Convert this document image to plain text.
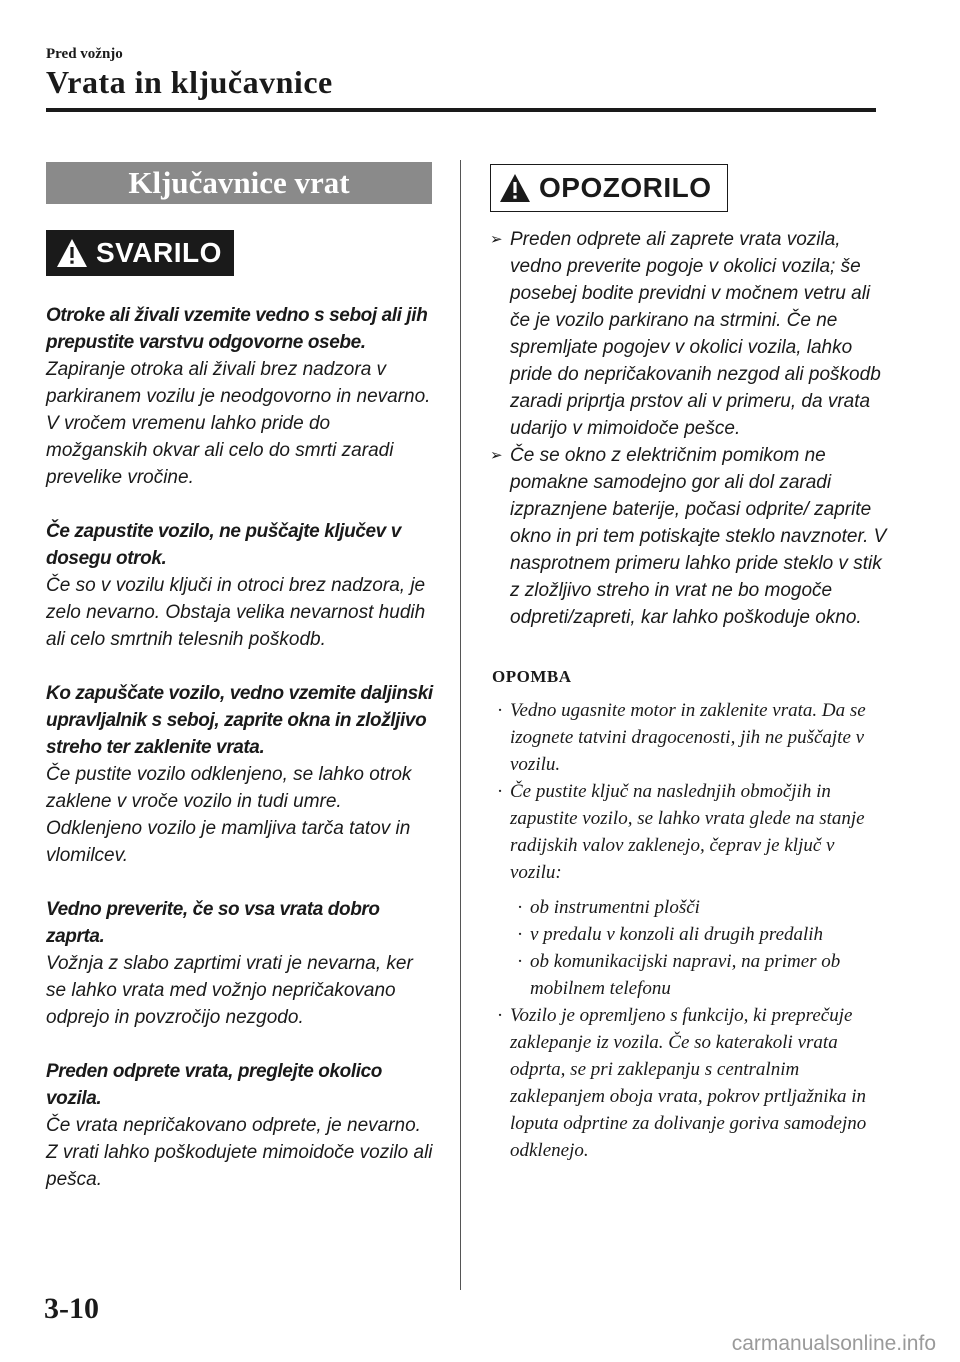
Pred vožnjo
Vrata in ključavnice
Ključavnice vrat
SVARILO
Otroke ali živali vzemite vedno s seboj ali jih prepustite varstvu odgovorne osebe.
Zapiranje otroka ali živali brez nadzora v parkiranem vozilu je neodgovorno in nevarno. V vročem vremenu lahko pride do možganskih okvar ali celo do smrti zaradi prevelike vročine.
Če zapustite vozilo, ne puščajte ključev v dosegu otrok.
Če so v vozilu ključi in otroci brez nadzora, je zelo nevarno. Obstaja velika nevarnost hudih ali celo smrtnih telesnih poškodb.
Ko zapuščate vozilo, vedno vzemite daljinski upravljalnik s seboj, zaprite okna in zložljivo streho ter zaklenite vrata.
Če pustite vozilo odklenjeno, se lahko otrok zaklene v vroče vozilo in tudi umre. Odklenjeno vozilo je mamljiva tarča tatov in vlomilcev.
Vedno preverite, če so vsa vrata dobro zaprta.
Vožnja z slabo zaprtimi vrati je nevarna, ker se lahko vrata med vožnjo nepričakovano odprejo in povzročijo nezgodo.
Preden odprete vrata, preglejte okolico vozila.
Če vrata nepričakovano odprete, je nevarno. Z vrati lahko poškodujete mimoidoče vozilo ali pešca.
OPOZORILO
➢ Preden odprete ali zaprete vrata vozila, vedno preverite pogoje v okolici vozila; še posebej bodite previdni v močnem vetru ali če je vozilo parkirano na strmini. Če ne spremljate pogojev v okolici vozila, lahko pride do nepričakovanih nezgod ali poškodb zaradi priprtja prstov ali v primeru, da vrata udarijo v mimoidoče pešce.
➢ Če se okno z električnim pomikom ne pomakne samodejno gor ali dol zaradi izpraznjene baterije, počasi odprite/ zaprite okno in pri tem potiskajte steklo navznoter. V nasprotnem primeru lahko pride steklo v stik z zložljivo streho in vrat ne bo mogoče odpreti/zapreti, kar lahko poškoduje okno.
OPOMBA
· Vedno ugasnite motor in zaklenite vrata. Da se izognete tatvini dragocenosti, jih ne puščajte v vozilu.
· Če pustite ključ na naslednjih območjih in zapustite vozilo, se lahko vrata glede na stanje radijskih valov zaklenejo, čeprav je ključ v vozilu:
· ob instrumentni plošči
· v predalu v konzoli ali drugih predalih
· ob komunikacijski napravi, na primer ob mobilnem telefonu
· Vozilo je opremljeno s funkcijo, ki preprečuje zaklepanje iz vozila. Če so katerakoli vrata odprta, se pri zaklepanju s centralnim zaklepanjem oboja vrata, pokrov prtljažnika in loputa odprtine za dolivanje goriva samodejno odklenejo.
3-10
carmanualsonline.info
